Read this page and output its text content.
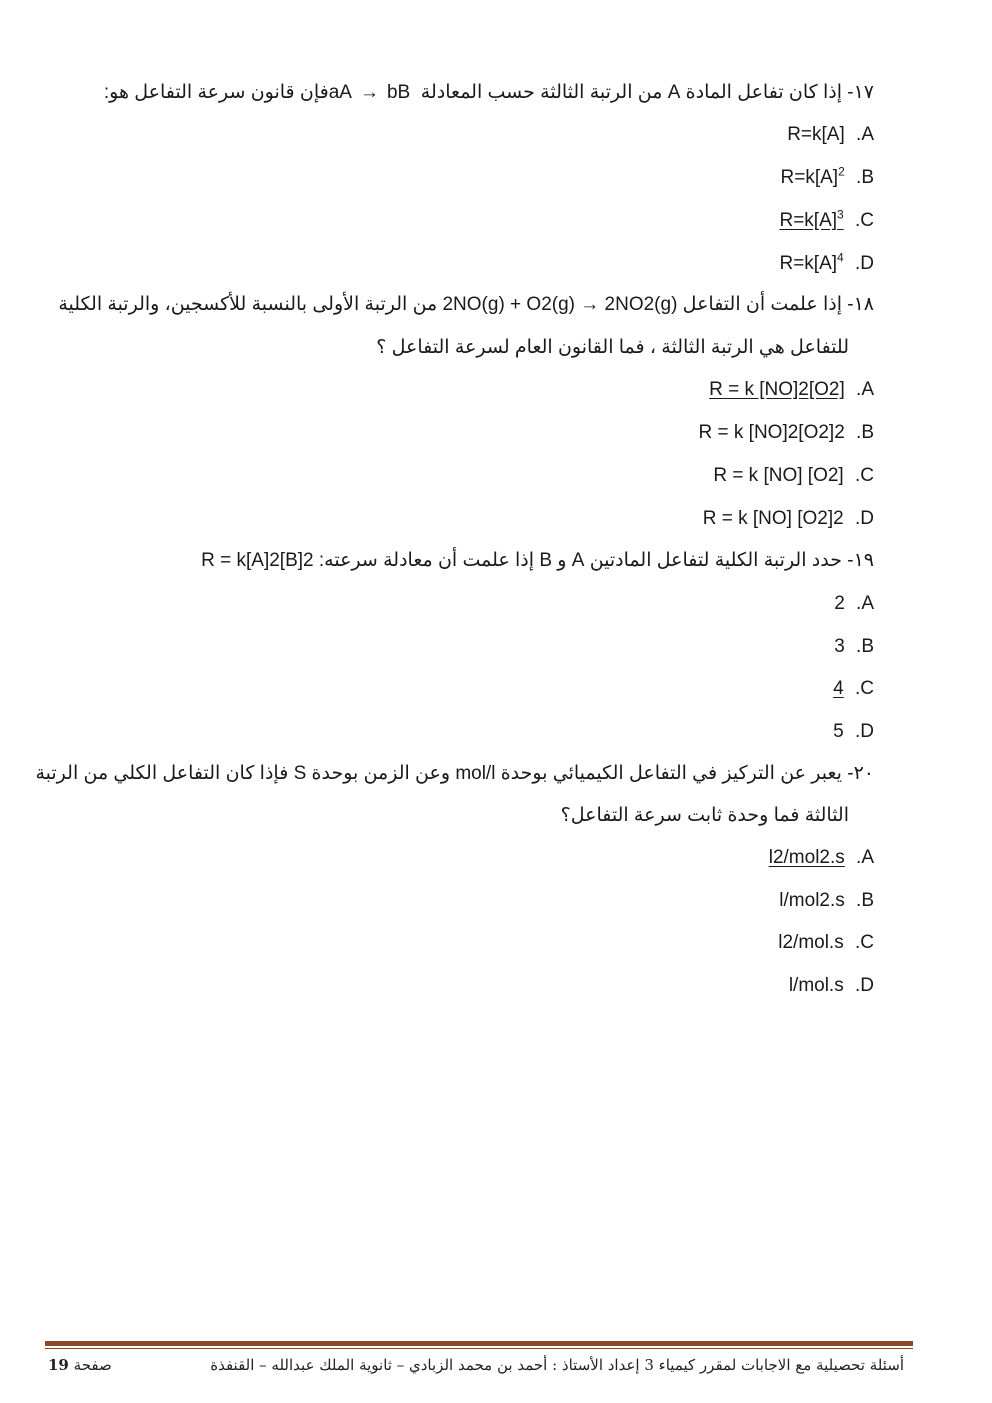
١٧- إذا كان تفاعل المادة A من الرتبة الثالثة حسب المعادلة aA → bB فإن قانون سرعة التفاعل هو:
R=k[A] .A
$R=k[A]^2$ .B
$R=k[A]^3$ .C
$R=k[A]^4$ .D
١٨- إذا علمت أن التفاعل 2NO(g) + O2(g) → 2NO2(g) من الرتبة الأولى بالنسبة للأكسجين، والرتبة الكلية
للتفاعل هي الرتبة الثالثة ، فما القانون العام لسرعة التفاعل ؟
R = k [NO]2[O2] .A
R = k [NO]2[O2]2 .B
R = k [NO] [O2] .C
R = k [NO] [O2]2 .D
١٩- حدد الرتبة الكلية لتفاعل المادتين A و B إذا علمت أن معادلة سرعته: R = k[A]2[B]2
2 .A
3 .B
4 .C
5 .D
٢٠- يعبر عن التركيز في التفاعل الكيميائي بوحدة mol/l وعن الزمن بوحدة S فإذا كان التفاعل الكلي من الرتبة
الثالثة فما وحدة ثابت سرعة التفاعل؟
l2/mol2.s .A
l/mol2.s .B
l2/mol.s .C
l/mol.s .D
أسئلة تحصيلية مع الاجابات لمقرر كيمياء 3 إعداد الأستاذ : أحمد بن محمد الزبادي – ثانوية الملك عبدالله – القنفذة
صفحة 19
